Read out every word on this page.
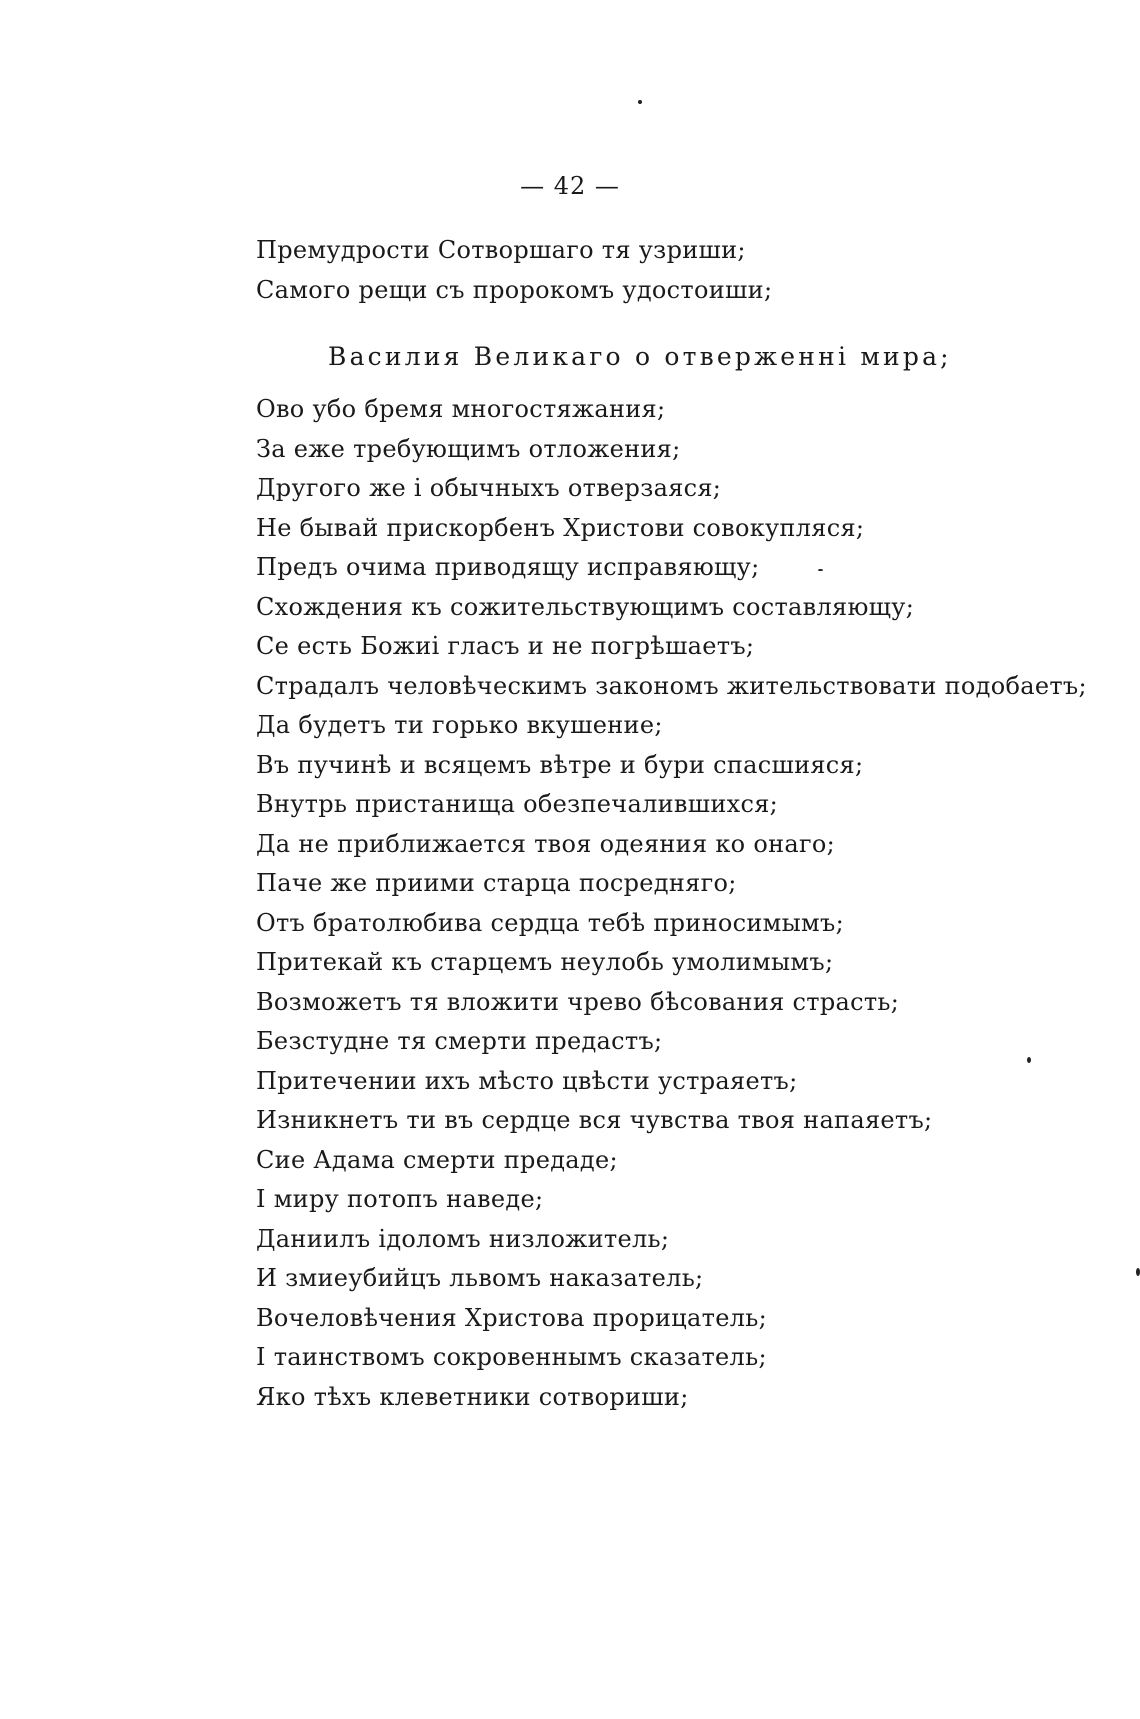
— 42 —
Премудрости Сотворшаго тя узриши;
Самого рещи съ пророкомъ удостоиши;
Василия Великаго о отверженні мира;
Ово убо бремя многостяжания;
За еже требующимъ отложения;
Другого же і обычныхъ отверзаяся;
Не бывай прискорбенъ Христови совокупляся;
Предъ очима приводящу исправяющу;
Схождения къ сожительствующимъ составляющу;
Се есть Божиі гласъ и не погрѣшаетъ;
Страдалъ человѣческимъ закономъ жительствовати подобаетъ;
Да будетъ ти горько вкушение;
Въ пучинѣ и всяцемъ вѣтре и бури спасшияся;
Внутрь пристанища обезпечалившихся;
Да не приближается твоя одеяния ко онаго;
Паче же приими старца посредняго;
Отъ братолюбива сердца тебѣ приносимымъ;
Притекай къ старцемъ неулобь умолимымъ;
Возможетъ тя вложити чрево бѣсования страсть;
Безстудне тя смерти предастъ;
Притечении ихъ мѣсто цвѣсти устраяетъ;
Изникнетъ ти въ сердце вся чувства твоя напаяетъ;
Сие Адама смерти предаде;
І миру потопъ наведе;
Даниилъ ідоломъ низложитель;
И змиеубийцъ львомъ наказатель;
Вочеловѣчения Христова прорицатель;
І таинствомъ сокровеннымъ сказатель;
Яко тѣхъ клеветники сотвориши;
